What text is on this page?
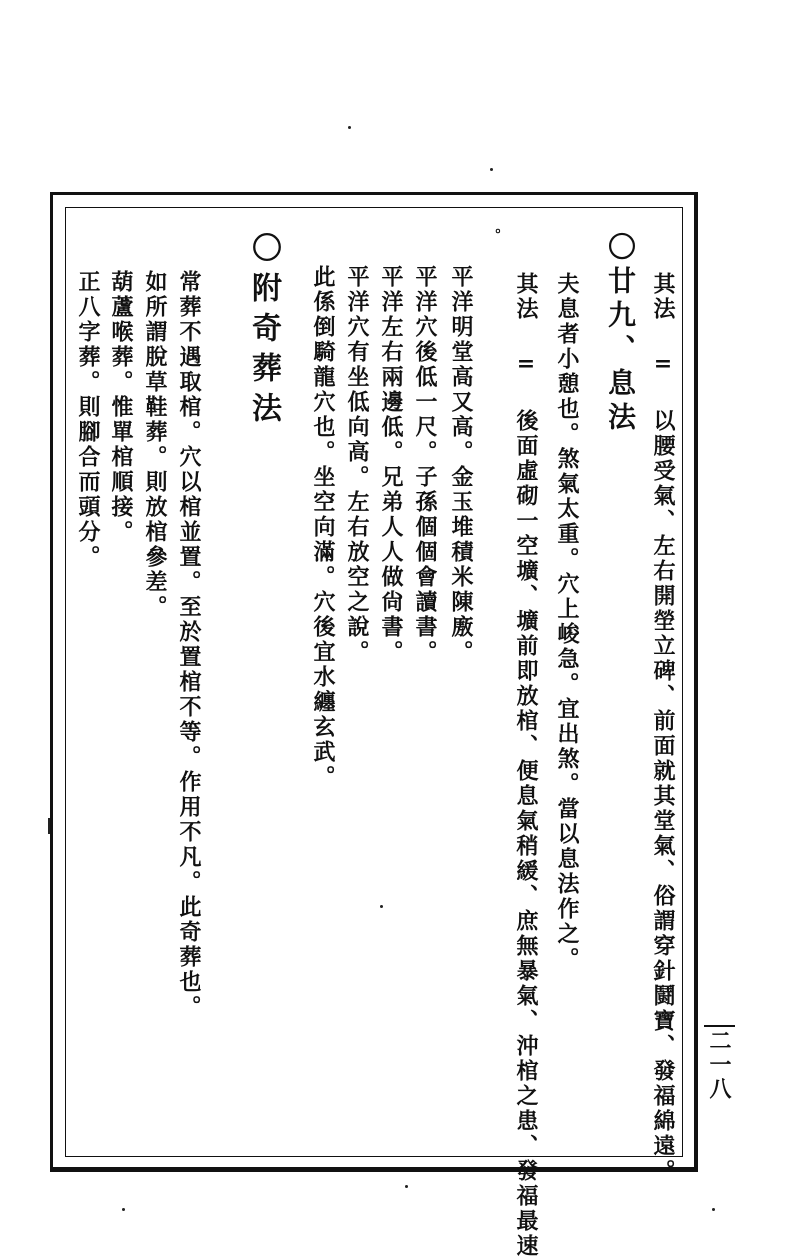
其法 = 以腰受氣、左右開塋立碑、前面就其堂氣、俗謂穿針鬪寶、發福綿遠。
〇廿九、息法
夫息者小憩也。煞氣太重。穴上峻急。宜出煞。當以息法作之。
其法 = 後面虛砌一空壙、壙前即放棺、便息氣稍緩、庶無暴氣、沖棺之患、發福最速
。
平洋明堂高又高。金玉堆積米陳廒。
平洋穴後低一尺。子孫個個會讀書。
平洋左右兩邊低。兄弟人人做尙書。
平洋穴有坐低向高。左右放空之說。
此係倒騎龍穴也。坐空向滿。穴後宜水纏玄武。
〇附奇葬法
常葬不遇取棺。穴以棺並置。至於置棺不等。作用不凡。此奇葬也。
如所謂脫草鞋葬。則放棺參差。
葫蘆喉葬。惟單棺順接。
正八字葬。則腳合而頭分。
二一八
